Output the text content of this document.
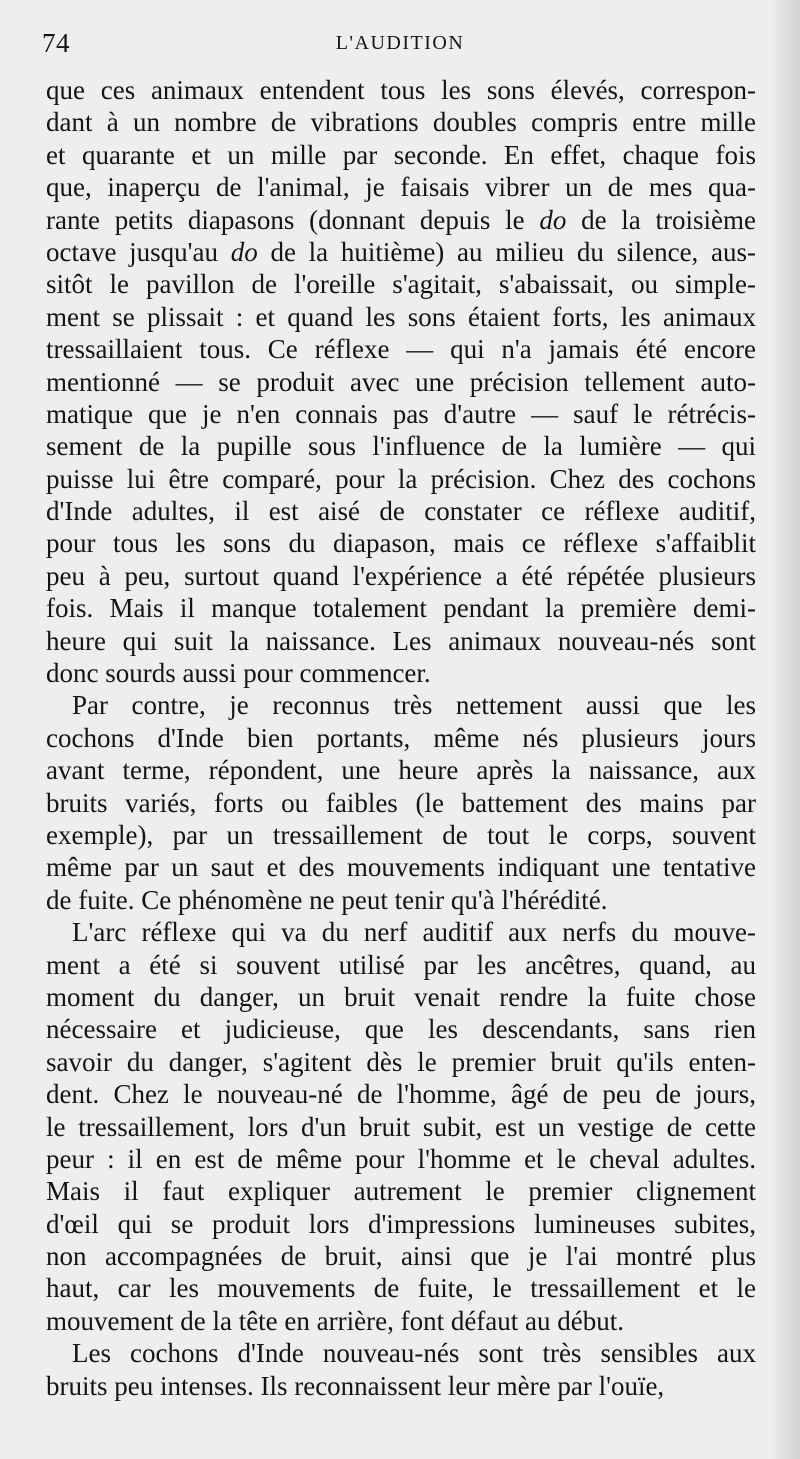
74	L'AUDITION

que ces animaux entendent tous les sons élevés, correspon-
dant à un nombre de vibrations doubles compris entre mille
et quarante et un mille par seconde. En effet, chaque fois
que, inaperçu de l'animal, je faisais vibrer un de mes qua-
rante petits diapasons (donnant depuis le do de la troisième
octave jusqu'au do de la huitième) au milieu du silence, aus-
sitôt le pavillon de l'oreille s'agitait, s'abaissait, ou simple-
ment se plissait : et quand les sons étaient forts, les animaux
tressaillaient tous. Ce réflexe — qui n'a jamais été encore
mentionné — se produit avec une précision tellement auto-
matique que je n'en connais pas d'autre — sauf le rétrécis-
sement de la pupille sous l'influence de la lumière — qui
puisse lui être comparé, pour la précision. Chez des cochons
d'Inde adultes, il est aisé de constater ce réflexe auditif,
pour tous les sons du diapason, mais ce réflexe s'affaiblit
peu à peu, surtout quand l'expérience a été répétée plusieurs
fois. Mais il manque totalement pendant la première demi-
heure qui suit la naissance. Les animaux nouveau-nés sont
donc sourds aussi pour commencer.

Par contre, je reconnus très nettement aussi que les
cochons d'Inde bien portants, même nés plusieurs jours
avant terme, répondent, une heure après la naissance, aux
bruits variés, forts ou faibles (le battement des mains par
exemple), par un tressaillement de tout le corps, souvent
même par un saut et des mouvements indiquant une tentative
de fuite. Ce phénomène ne peut tenir qu'à l'hérédité.

L'arc réflexe qui va du nerf auditif aux nerfs du mouve-
ment a été si souvent utilisé par les ancêtres, quand, au
moment du danger, un bruit venait rendre la fuite chose
nécessaire et judicieuse, que les descendants, sans rien
savoir du danger, s'agitent dès le premier bruit qu'ils enten-
dent. Chez le nouveau-né de l'homme, âgé de peu de jours,
le tressaillement, lors d'un bruit subit, est un vestige de cette
peur : il en est de même pour l'homme et le cheval adultes.
Mais il faut expliquer autrement le premier clignement
d'œil qui se produit lors d'impressions lumineuses subites,
non accompagnées de bruit, ainsi que je l'ai montré plus
haut, car les mouvements de fuite, le tressaillement et le
mouvement de la tête en arrière, font défaut au début.

Les cochons d'Inde nouveau-nés sont très sensibles aux
bruits peu intenses. Ils reconnaissent leur mère par l'ouïe,
